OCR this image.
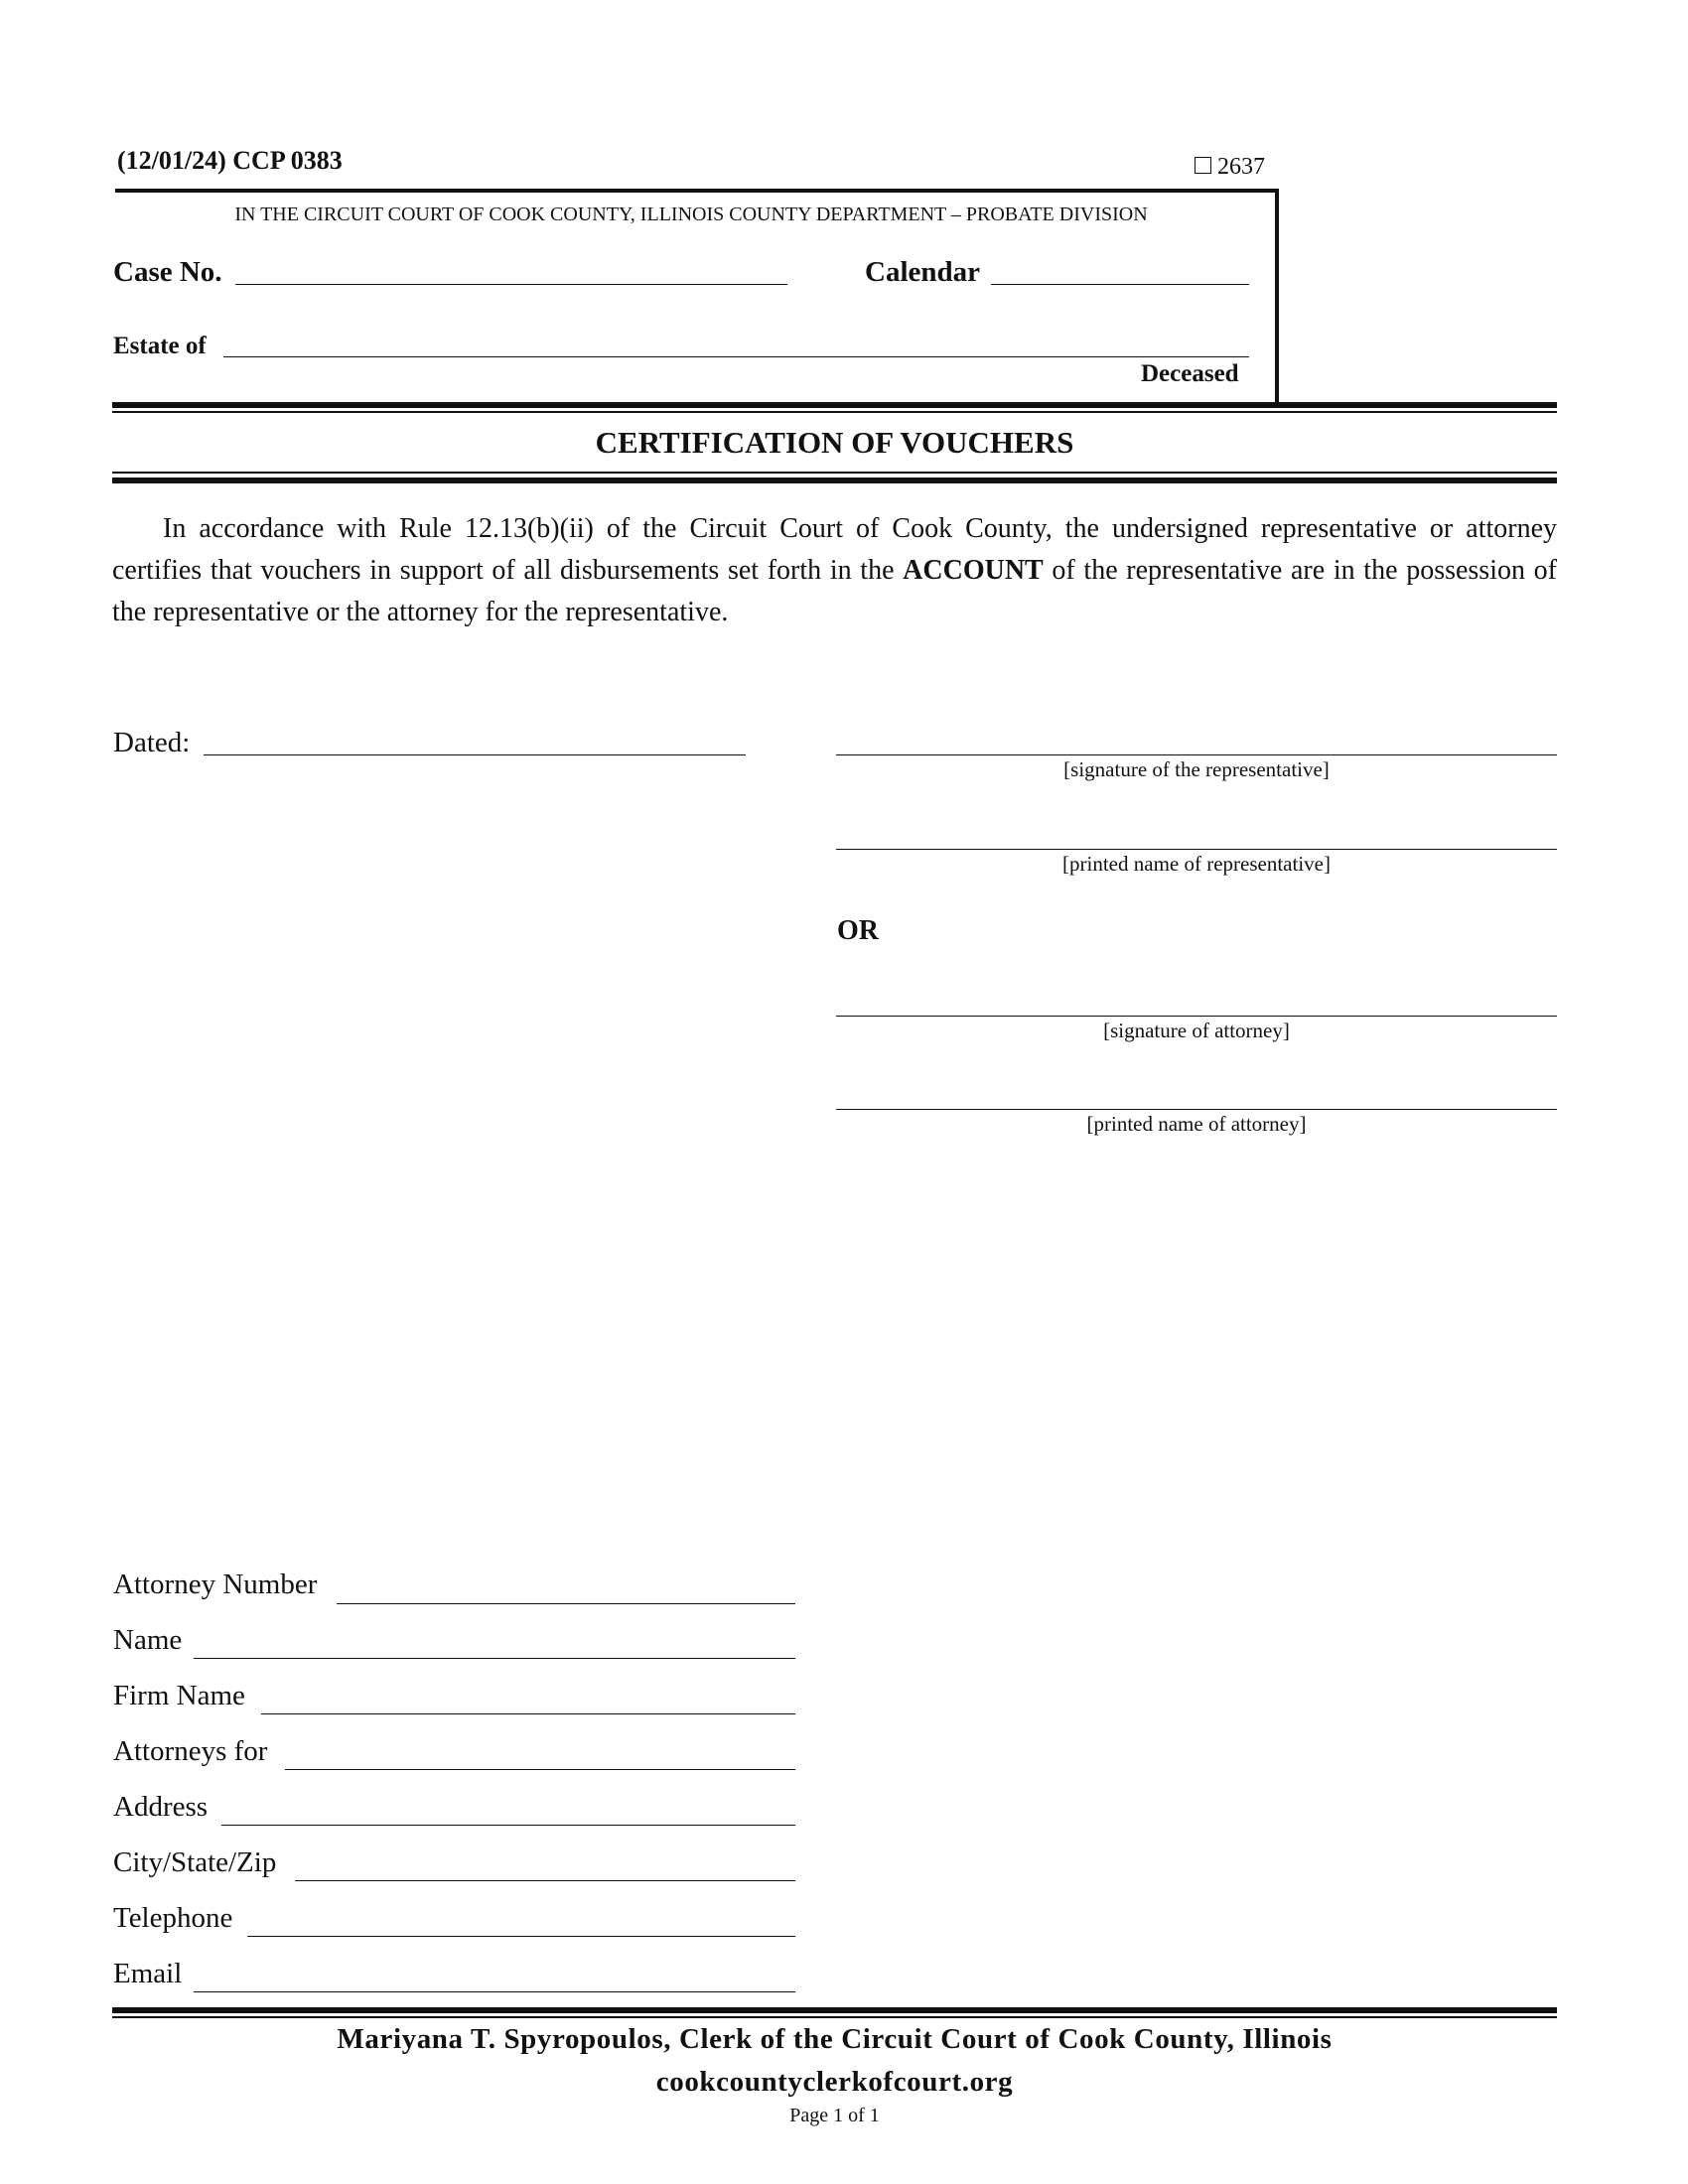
(12/01/24) CCP 0383	2637
IN THE CIRCUIT COURT OF COOK COUNTY, ILLINOIS COUNTY DEPARTMENT – PROBATE DIVISION
Case No.	Calendar
Estate of
Deceased
CERTIFICATION OF VOUCHERS

In accordance with Rule 12.13(b)(ii) of the Circuit Court of Cook County, the undersigned representative or attorney certifies that vouchers in support of all disbursements set forth in the ACCOUNT of the representative are in the possession of the representative or the attorney for the representative.

Dated:
[signature of the representative]
[printed name of representative]
OR
[signature of attorney]
[printed name of attorney]
Attorney Number
Name
Firm Name
Attorneys for
Address
City/State/Zip
Telephone
Email
Mariyana T. Spyropoulos, Clerk of the Circuit Court of Cook County, Illinois
cookcountyclerkofcourt.org
Page 1 of 1
